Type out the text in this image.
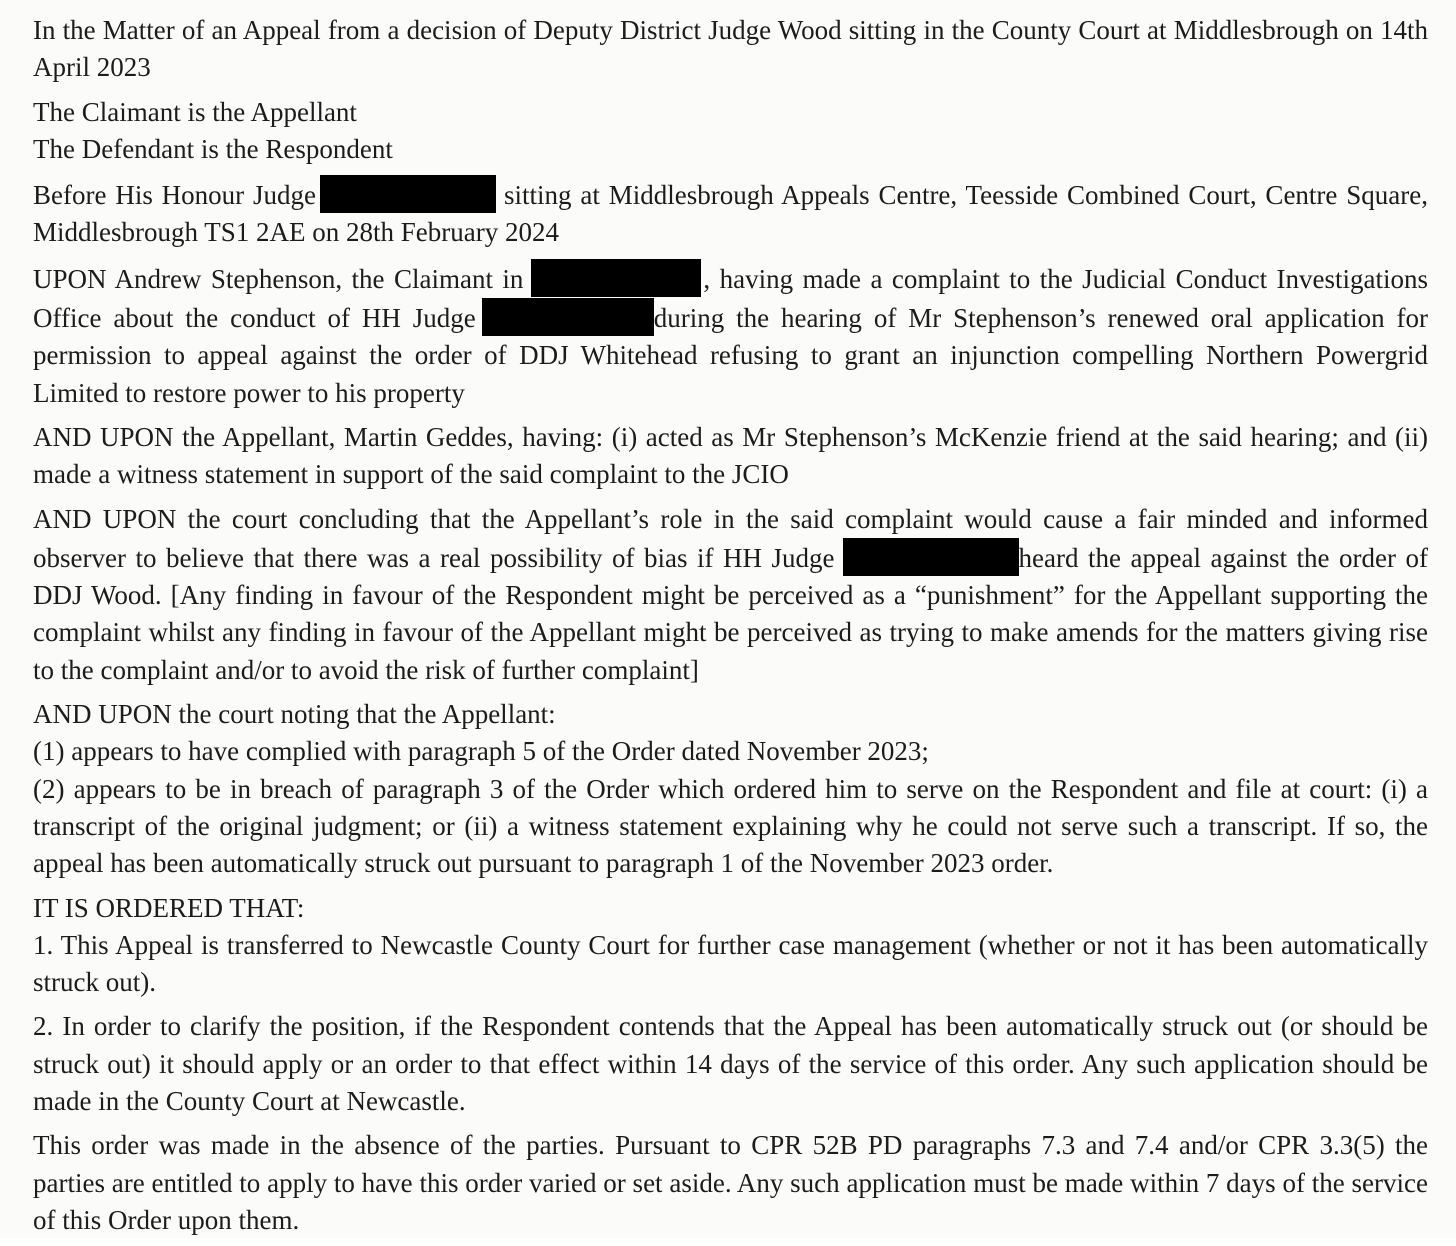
In the Matter of an Appeal from a decision of Deputy District Judge Wood sitting in the County Court at Middlesbrough on 14th April 2023

The Claimant is the Appellant

The Defendant is the Respondent

Before His Honour Judge	sitting at Middlesbrough Appeals Centre, Teesside Combined Court, Centre Square, Middlesbrough TS1 2AE on 28th February 2024

UPON Andrew Stephenson, the Claimant in	, having made a complaint to the Judicial Conduct Investigations Office about the conduct of HH Judge	during the hearing of Mr Stephenson’s renewed oral application for permission to appeal against the order of DDJ Whitehead refusing to grant an injunction compelling Northern Powergrid Limited to restore power to his property

AND UPON the Appellant, Martin Geddes, having: (i) acted as Mr Stephenson’s McKenzie friend at the said hearing; and (ii) made a witness statement in support of the said complaint to the JCIO

AND UPON the court concluding that the Appellant’s role in the said complaint would cause a fair minded and informed observer to believe that there was a real possibility of bias if HH Judge	heard the appeal against the order of DDJ Wood. [Any finding in favour of the Respondent might be perceived as a “punishment” for the Appellant supporting the complaint whilst any finding in favour of the Appellant might be perceived as trying to make amends for the matters giving rise to the complaint and/or to avoid the risk of further complaint]

AND UPON the court noting that the Appellant:

(1) appears to have complied with paragraph 5 of the Order dated November 2023;

(2) appears to be in breach of paragraph 3 of the Order which ordered him to serve on the Respondent and file at court: (i) a transcript of the original judgment; or (ii) a witness statement explaining why he could not serve such a transcript. If so, the appeal has been automatically struck out pursuant to paragraph 1 of the November 2023 order.

IT IS ORDERED THAT:

1. This Appeal is transferred to Newcastle County Court for further case management (whether or not it has been automatically struck out).

2. In order to clarify the position, if the Respondent contends that the Appeal has been automatically struck out (or should be struck out) it should apply or an order to that effect within 14 days of the service of this order. Any such application should be made in the County Court at Newcastle.

This order was made in the absence of the parties. Pursuant to CPR 52B PD paragraphs 7.3 and 7.4 and/or CPR 3.3(5) the parties are entitled to apply to have this order varied or set aside. Any such application must be made within 7 days of the service of this Order upon them.
